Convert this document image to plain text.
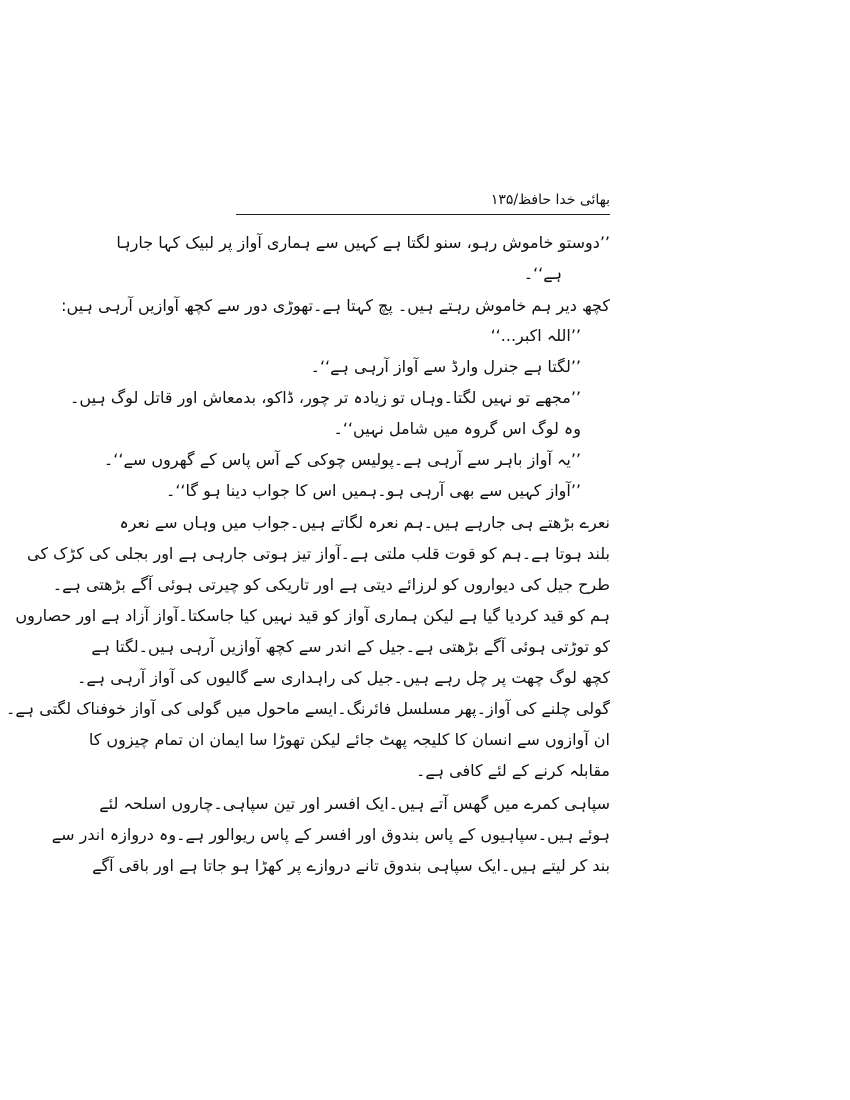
بھائی خدا حافظ/۱۳۵
’’دوستو خاموش رہو، سنو لگتا ہے کہیں سے ہماری آواز پر لبیک کہا جارہا
ہے‘‘۔
کچھ دیر ہم خاموش رہتے ہیں۔ پچ کہتا ہے۔تھوڑی دور سے کچھ آوازیں آرہی ہیں:
’’اللہ اکبر...‘‘
’’لگتا ہے جنرل وارڈ سے آواز آرہی ہے‘‘۔
’’مجھے تو نہیں لگتا۔وہاں تو زیادہ تر چور، ڈاکو، بدمعاش اور قاتل لوگ ہیں۔
وہ لوگ اس گروہ میں شامل نہیں‘‘۔
’’یہ آواز باہر سے آرہی ہے۔پولیس چوکی کے آس پاس کے گھروں سے‘‘۔
’’آواز کہیں سے بھی آرہی ہو۔ہمیں اس کا جواب دینا ہو گا‘‘۔
نعرے بڑھتے ہی جارہے ہیں۔ہم نعرہ لگاتے ہیں۔جواب میں وہاں سے نعرہ
بلند ہوتا ہے۔ہم کو قوت قلب ملتی ہے۔آواز تیز ہوتی جارہی ہے اور بجلی کی کڑک کی
طرح جیل کی دیواروں کو لرزائے دیتی ہے اور تاریکی کو چیرتی ہوئی آگے بڑھتی ہے۔
ہم کو قید کردیا گیا ہے لیکن ہماری آواز کو قید نہیں کیا جاسکتا۔آواز آزاد ہے اور حصاروں
کو توڑتی ہوئی آگے بڑھتی ہے۔جیل کے اندر سے کچھ آوازیں آرہی ہیں۔لگتا ہے
کچھ لوگ چھت پر چل رہے ہیں۔جیل کی راہداری سے گالیوں کی آواز آرہی ہے۔
گولی چلنے کی آواز۔پھر مسلسل فائرنگ۔ایسے ماحول میں گولی کی آواز خوفناک لگتی ہے۔
ان آوازوں سے انسان کا کلیجہ پھٹ جائے لیکن تھوڑا سا ایمان ان تمام چیزوں کا
مقابلہ کرنے کے لئے کافی ہے۔
سپاہی کمرے میں گھس آتے ہیں۔ایک افسر اور تین سپاہی۔چاروں اسلحہ لئے
ہوئے ہیں۔سپاہیوں کے پاس بندوق اور افسر کے پاس ریوالور ہے۔وہ دروازہ اندر سے
بند کر لیتے ہیں۔ایک سپاہی بندوق تانے دروازے پر کھڑا ہو جاتا ہے اور باقی آگے
